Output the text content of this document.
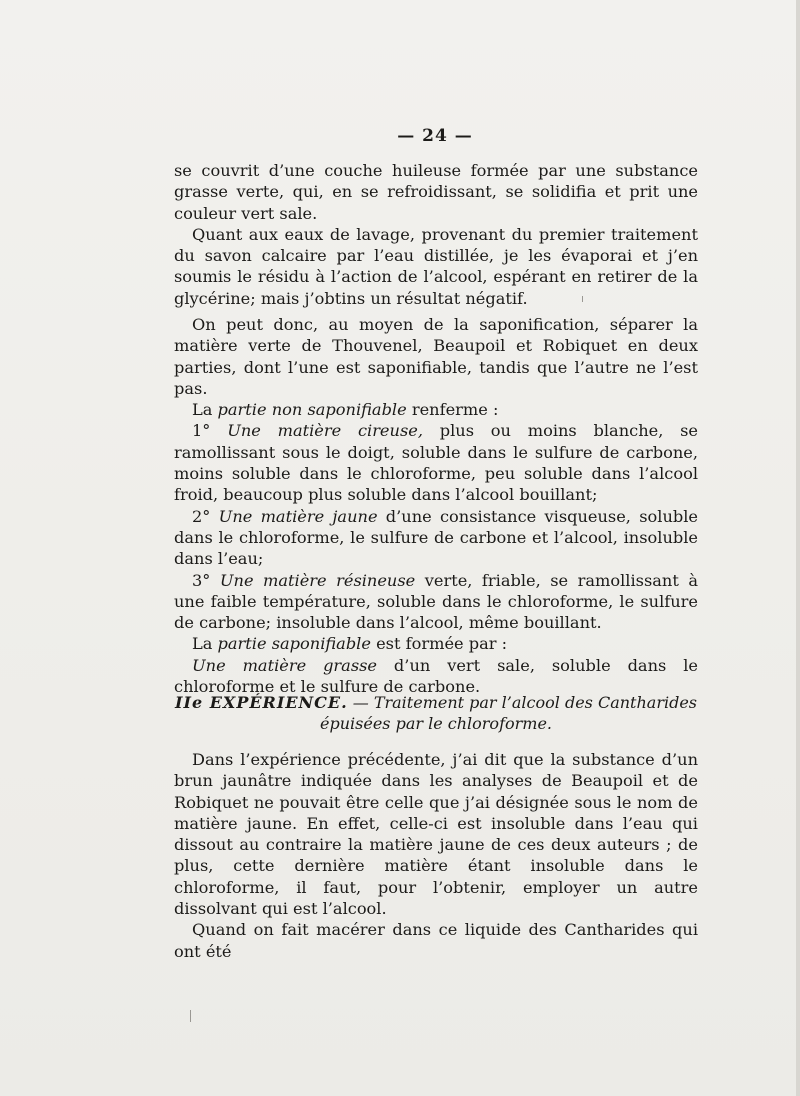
— 24 —

se couvrit d’une couche huileuse formée par une substance grasse verte, qui, en se refroidissant, se solidifia et prit une couleur vert sale.

Quant aux eaux de lavage, provenant du premier traitement du savon calcaire par l’eau distillée, je les évaporai et j’en soumis le résidu à l’action de l’alcool, espérant en retirer de la glycérine; mais j’obtins un résultat négatif.

On peut donc, au moyen de la saponification, séparer la matière verte de Thouvenel, Beaupoil et Robiquet en deux parties, dont l’une est saponifiable, tandis que l’autre ne l’est pas.

La partie non saponifiable renferme :

1° Une matière cireuse, plus ou moins blanche, se ramollissant sous le doigt, soluble dans le sulfure de carbone, moins soluble dans le chloroforme, peu soluble dans l’alcool froid, beaucoup plus soluble dans l’alcool bouillant;

2° Une matière jaune d’une consistance visqueuse, soluble dans le chloroforme, le sulfure de carbone et l’alcool, insoluble dans l’eau;

3° Une matière résineuse verte, friable, se ramollissant à une faible température, soluble dans le chloroforme, le sulfure de carbone; insoluble dans l’alcool, même bouillant.

La partie saponifiable est formée par :

Une matière grasse d’un vert sale, soluble dans le chloroforme et le sulfure de carbone.

IIe EXPÉRIENCE. — Traitement par l’alcool des Cantharides épuisées par le chloroforme.

Dans l’expérience précédente, j’ai dit que la substance d’un brun jaunâtre indiquée dans les analyses de Beaupoil et de Robiquet ne pouvait être celle que j’ai désignée sous le nom de matière jaune. En effet, celle-ci est insoluble dans l’eau qui dissout au contraire la matière jaune de ces deux auteurs ; de plus, cette dernière matière étant insoluble dans le chloroforme, il faut, pour l’obtenir, employer un autre dissolvant qui est l’alcool.

Quand on fait macérer dans ce liquide des Cantharides qui ont été
